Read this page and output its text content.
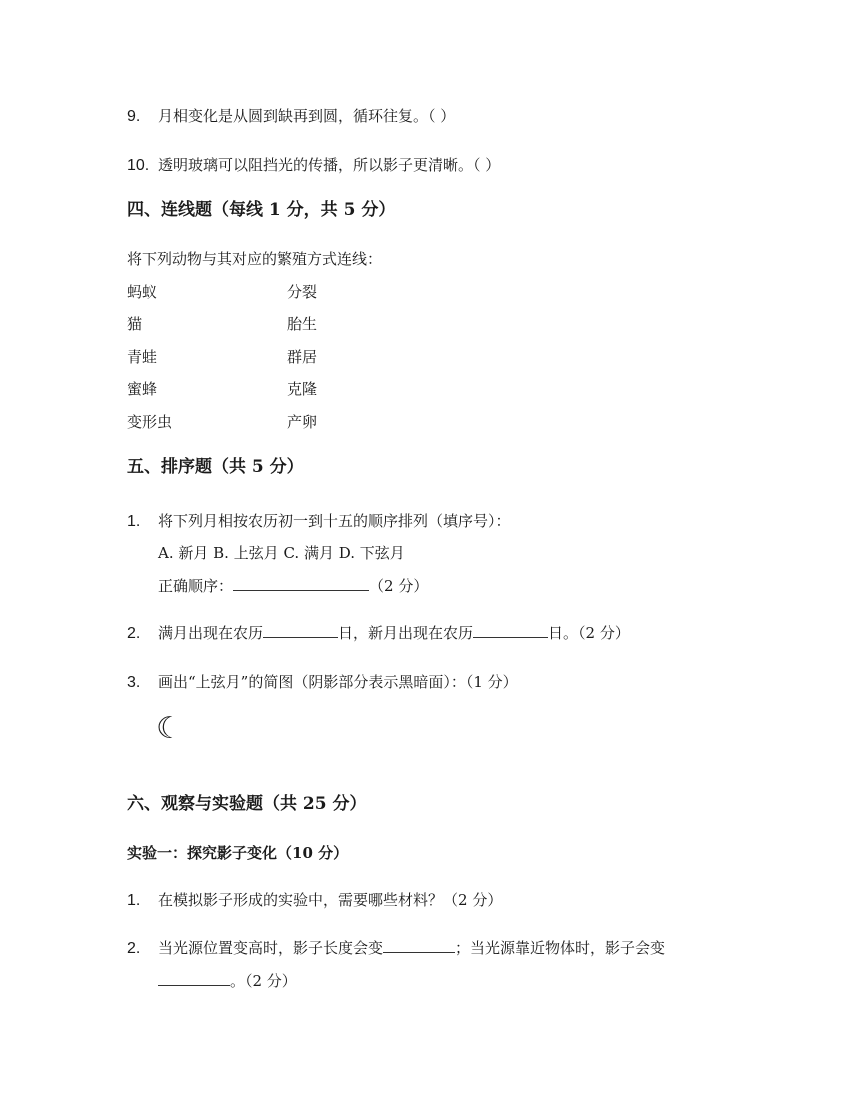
9. 月相变化是从圆到缺再到圆，循环往复。（ ）
10. 透明玻璃可以阻挡光的传播，所以影子更清晰。（ ）
四、连线题（每线 1 分，共 5 分）
将下列动物与其对应的繁殖方式连线：
蚂蚁	分裂
猫	胎生
青蛙	群居
蜜蜂	克隆
变形虫	产卵
五、排序题（共 5 分）
1. 将下列月相按农历初一到十五的顺序排列（填序号）：
A. 新月 B. 上弦月 C. 满月 D. 下弦月
正确顺序：	（2 分）
2. 满月出现在农历	日，新月出现在农历	日。（2 分）
3. 画出“上弦月”的简图（阴影部分表示黑暗面）：（1 分）
☾
六、观察与实验题（共 25 分）
实验一：探究影子变化（10 分）
1. 在模拟影子形成的实验中，需要哪些材料？（2 分）
2. 当光源位置变高时，影子长度会变	；当光源靠近物体时，影子会变
。（2 分）
